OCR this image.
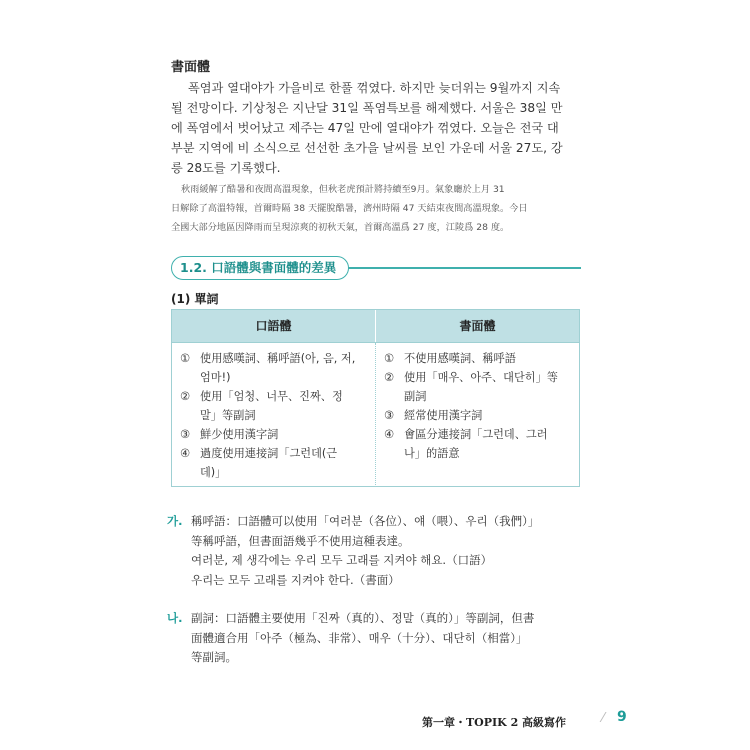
書面體
폭염과 열대야가 가을비로 한풀 꺾였다. 하지만 늦더위는 9월까지 지속
될 전망이다. 기상청은 지난달 31일 폭염특보를 해제했다. 서울은 38일 만
에 폭염에서 벗어났고 제주는 47일 만에 열대야가 꺾였다. 오늘은 전국 대
부분 지역에 비 소식으로 선선한 초가을 날씨를 보인 가운데 서울 27도, 강
릉 28도를 기록했다.
秋雨緩解了酷暑和夜間高溫現象，但秋老虎預計將持續至9月。氣象廳於上月 31
日解除了高溫特報，首爾時隔 38 天擺脫酷暑，濟州時隔 47 天結束夜間高溫現象。今日
全國大部分地區因降雨而呈現涼爽的初秋天氣，首爾高溫爲 27 度，江陵爲 28 度。
1.2. 口語體與書面體的差異
(1) 單詞
口語體	書面體
① 使用感嘆詞、稱呼語(아, 음, 저,
엄마!)
② 使用「엄청、너무、진짜、정
말」等副詞
③ 鮮少使用漢字詞
④ 過度使用連接詞「그런데(근
데)」
① 不使用感嘆詞、稱呼語
② 使用「매우、아주、대단히」等
副詞
③ 經常使用漢字詞
④ 會區分連接詞「그런데、그러
나」的語意
가. 稱呼語：口語體可以使用「여러분（各位）、얘（喂）、우리（我們）」
等稱呼語，但書面語幾乎不使用這種表達。
여러분, 제 생각에는 우리 모두 고래를 지켜야 해요.（口語）
우리는 모두 고래를 지켜야 한다.（書面）
나. 副詞：口語體主要使用「진짜（真的）、정말（真的）」等副詞，但書
面體適合用「아주（極為、非常）、매우（十分）、대단히（相當）」
等副詞。
第一章・TOPIK 2 高級寫作	⁄ 9
